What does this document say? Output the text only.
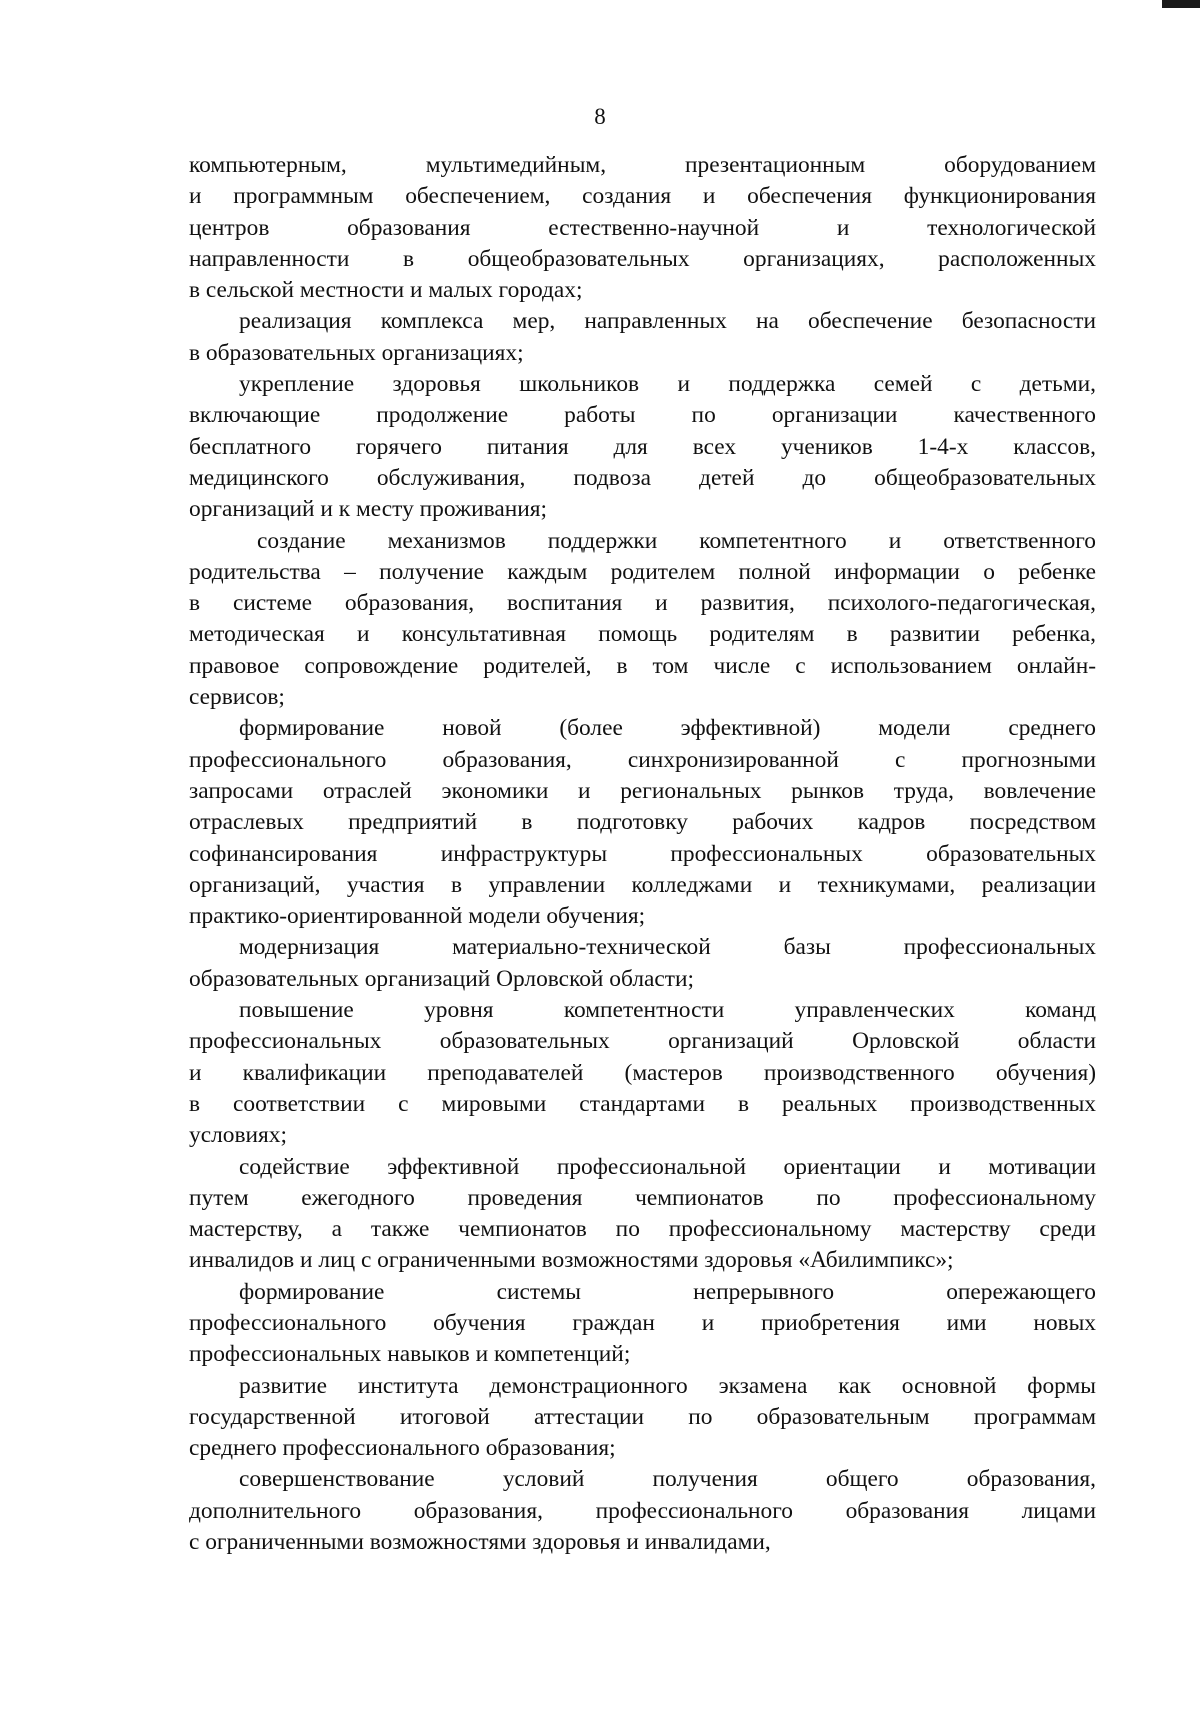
8
компьютерным, мультимедийным, презентационным оборудованием
и программным обеспечением, создания и обеспечения функционирования
центров образования естественно-научной и технологической
направленности в общеобразовательных организациях, расположенных
в сельской местности и малых городах;
реализация комплекса мер, направленных на обеспечение безопасности
в образовательных организациях;
укрепление здоровья школьников и поддержка семей с детьми,
включающие продолжение работы по организации качественного
бесплатного горячего питания для всех учеников 1-4-х классов,
медицинского обслуживания, подвоза детей до общеобразовательных
организаций и к месту проживания;
создание механизмов поддержки компетентного и ответственного
родительства – получение каждым родителем полной информации о ребенке
в системе образования, воспитания и развития, психолого-педагогическая,
методическая и консультативная помощь родителям в развитии ребенка,
правовое сопровождение родителей, в том числе с использованием онлайн-
сервисов;
формирование новой (более эффективной) модели среднего
профессионального образования, синхронизированной с прогнозными
запросами отраслей экономики и региональных рынков труда, вовлечение
отраслевых предприятий в подготовку рабочих кадров посредством
софинансирования инфраструктуры профессиональных образовательных
организаций, участия в управлении колледжами и техникумами, реализации
практико-ориентированной модели обучения;
модернизация материально-технической базы профессиональных
образовательных организаций Орловской области;
повышение уровня компетентности управленческих команд
профессиональных образовательных организаций Орловской области
и квалификации преподавателей (мастеров производственного обучения)
в соответствии с мировыми стандартами в реальных производственных
условиях;
содействие эффективной профессиональной ориентации и мотивации
путем ежегодного проведения чемпионатов по профессиональному
мастерству, а также чемпионатов по профессиональному мастерству среди
инвалидов и лиц с ограниченными возможностями здоровья «Абилимпикс»;
формирование системы непрерывного опережающего
профессионального обучения граждан и приобретения ими новых
профессиональных навыков и компетенций;
развитие института демонстрационного экзамена как основной формы
государственной итоговой аттестации по образовательным программам
среднего профессионального образования;
совершенствование условий получения общего образования,
дополнительного образования, профессионального образования лицами
с ограниченными возможностями здоровья и инвалидами,
